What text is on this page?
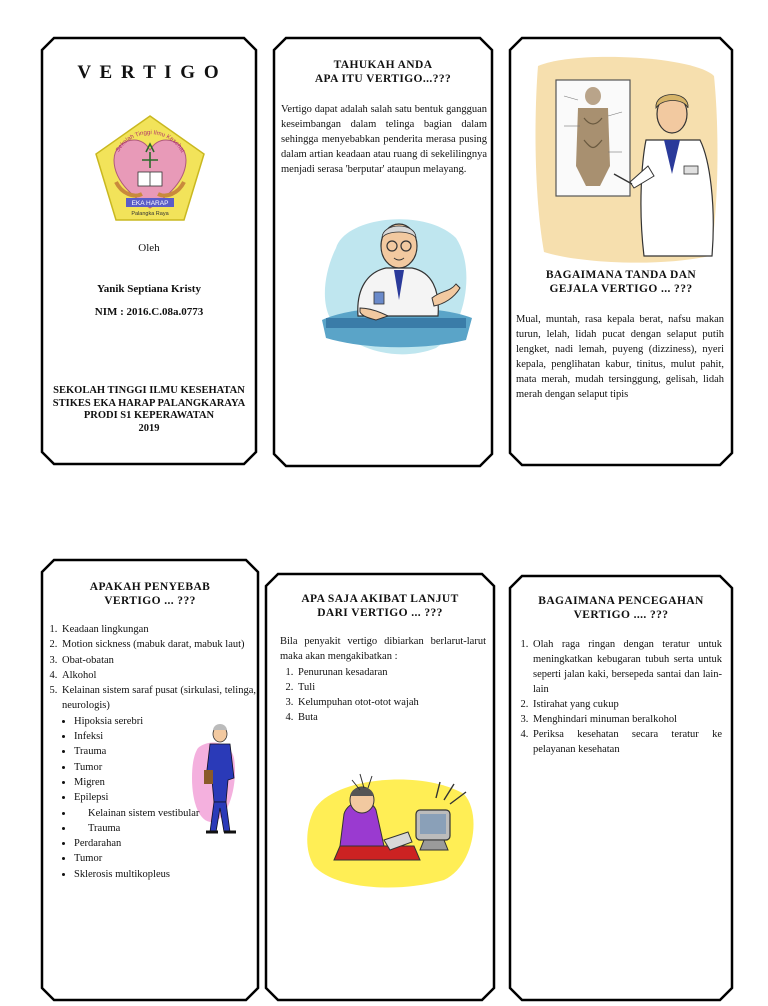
V E R T I G O
EKA HARAP
Palangka Raya
Sekolah Tinggi Ilmu Kesehat
Oleh
Yanik Septiana Kristy
NIM : 2016.C.08a.0773
SEKOLAH TINGGI ILMU KESEHATAN
STIKES EKA HARAP PALANGKARAYA
PRODI S1 KEPERAWATAN
2019
TAHUKAH ANDA
APA ITU VERTIGO...???
Vertigo dapat adalah salah satu bentuk gangguan keseimbangan dalam telinga bagian dalam sehingga menyebabkan penderita merasa pusing dalam artian keadaan atau ruang di sekelilingnya menjadi serasa 'berputar' ataupun melayang.
BAGAIMANA TANDA DAN
GEJALA VERTIGO ... ???
Mual, muntah, rasa kepala berat, nafsu makan turun, lelah, lidah pucat dengan selaput putih lengket, nadi lemah, puyeng (dizziness), nyeri kepala, penglihatan kabur, tinitus, mulut pahit, mata merah, mudah tersinggung, gelisah, lidah merah dengan selaput tipis
APAKAH PENYEBAB
VERTIGO ... ???
1. Keadaan lingkungan
2. Motion sickness (mabuk darat, mabuk laut)
3. Obat-obatan
4. Alkohol
5. Kelainan sistem saraf pusat (sirkulasi, telinga, neurologis)
• Hipoksia serebri
• Infeksi
• Trauma
• Tumor
• Migren
• Epilepsi
• Kelainan sistem vestibular
• Trauma
• Perdarahan
• Tumor
• Sklerosis multikopleus
APA SAJA AKIBAT LANJUT
DARI VERTIGO ... ???
Bila penyakit vertigo dibiarkan berlarut-larut maka akan mengakibatkan :
1. Penurunan kesadaran
2. Tuli
3. Kelumpuhan otot-otot wajah
4. Buta
BAGAIMANA PENCEGAHAN
VERTIGO .... ???
1. Olah raga ringan dengan teratur untuk meningkatkan kebugaran tubuh serta untuk seperti jalan kaki, bersepeda santai dan lain-lain
2. Istirahat yang cukup
3. Menghindari minuman beralkohol
4. Periksa kesehatan secara teratur ke pelayanan kesehatan
